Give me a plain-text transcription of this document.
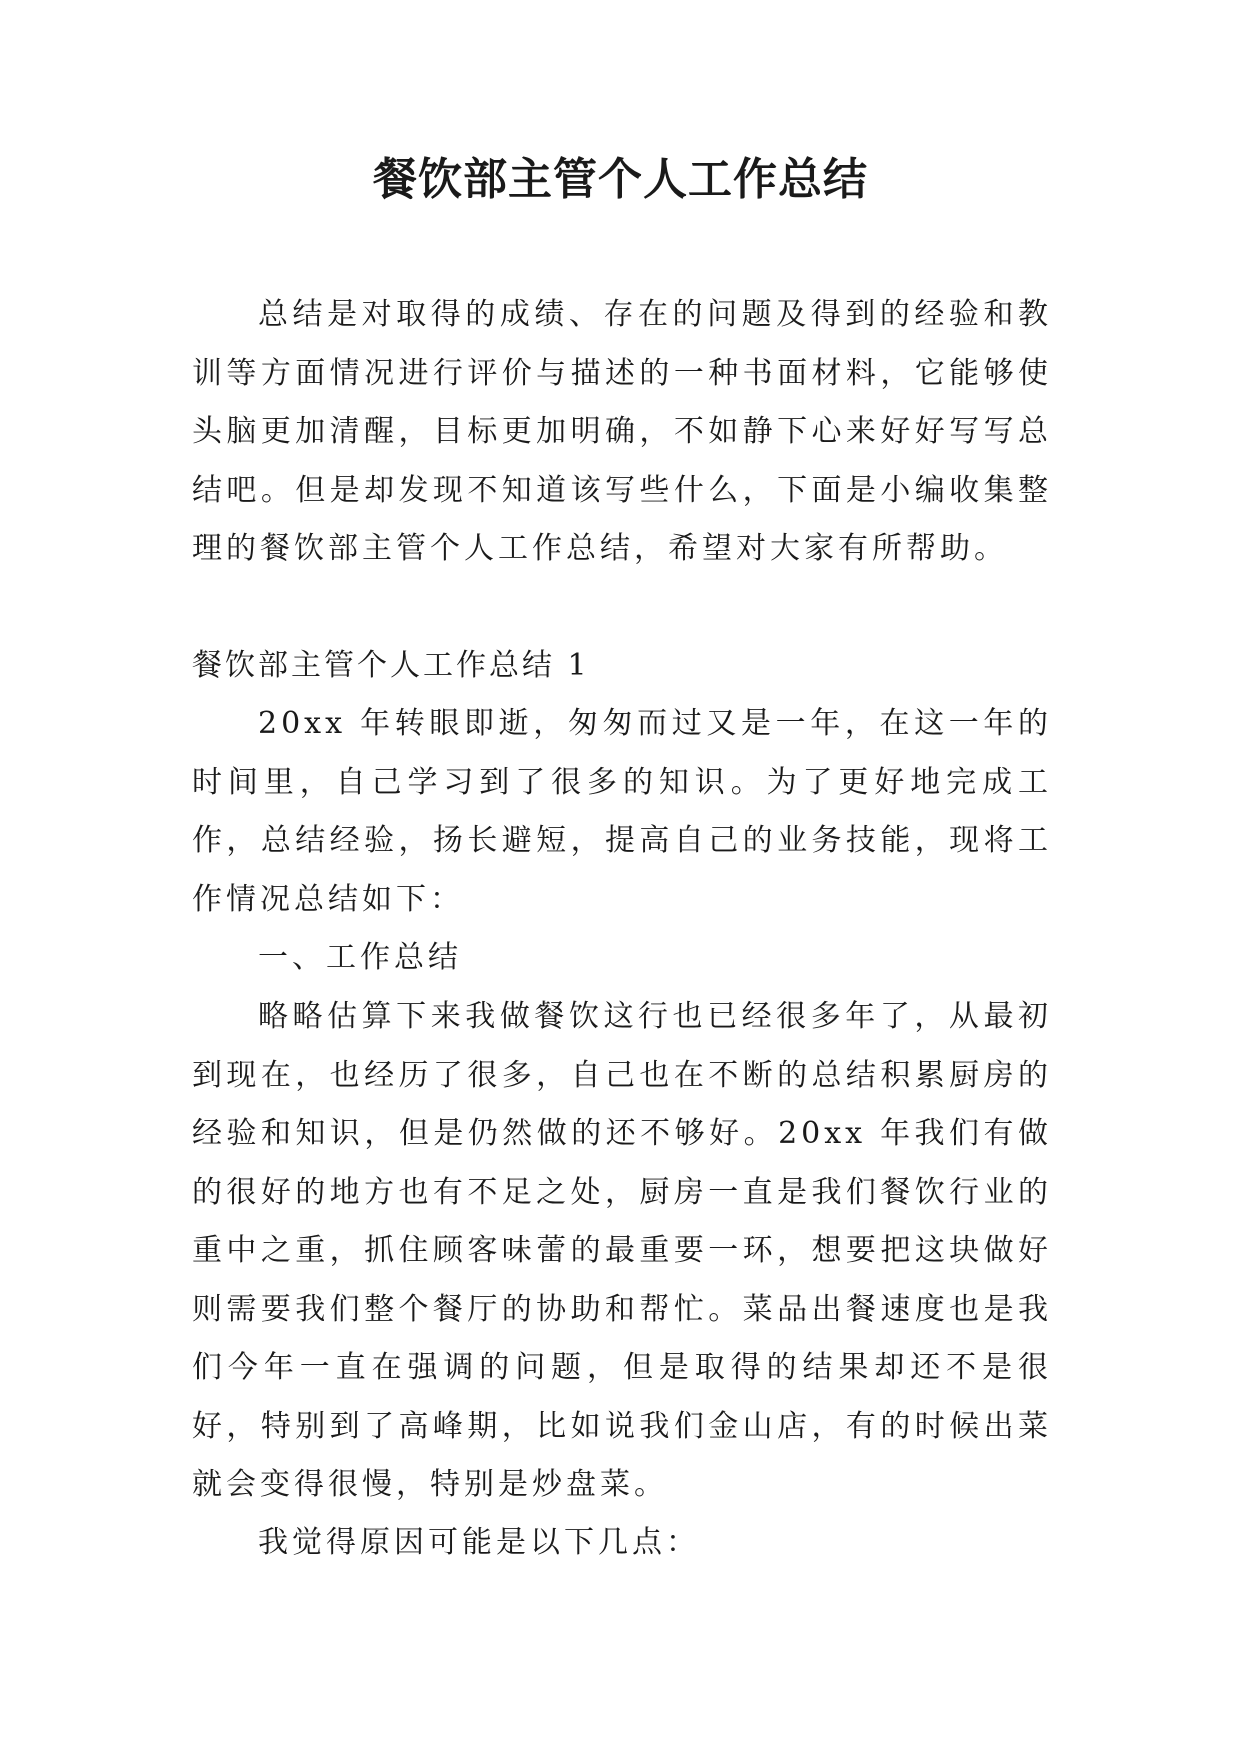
餐饮部主管个人工作总结

总结是对取得的成绩、存在的问题及得到的经验和教训等方面情况进行评价与描述的一种书面材料，它能够使头脑更加清醒，目标更加明确，不如静下心来好好写写总结吧。但是却发现不知道该写些什么，下面是小编收集整理的餐饮部主管个人工作总结，希望对大家有所帮助。

餐饮部主管个人工作总结 1

20xx 年转眼即逝，匆匆而过又是一年，在这一年的时间里，自己学习到了很多的知识。为了更好地完成工作，总结经验，扬长避短，提高自己的业务技能，现将工作情况总结如下：

一、工作总结

略略估算下来我做餐饮这行也已经很多年了，从最初到现在，也经历了很多，自己也在不断的总结积累厨房的经验和知识，但是仍然做的还不够好。20xx 年我们有做的很好的地方也有不足之处，厨房一直是我们餐饮行业的重中之重，抓住顾客味蕾的最重要一环，想要把这块做好则需要我们整个餐厅的协助和帮忙。菜品出餐速度也是我们今年一直在强调的问题，但是取得的结果却还不是很好，特别到了高峰期，比如说我们金山店，有的时候出菜就会变得很慢，特别是炒盘菜。

我觉得原因可能是以下几点：
